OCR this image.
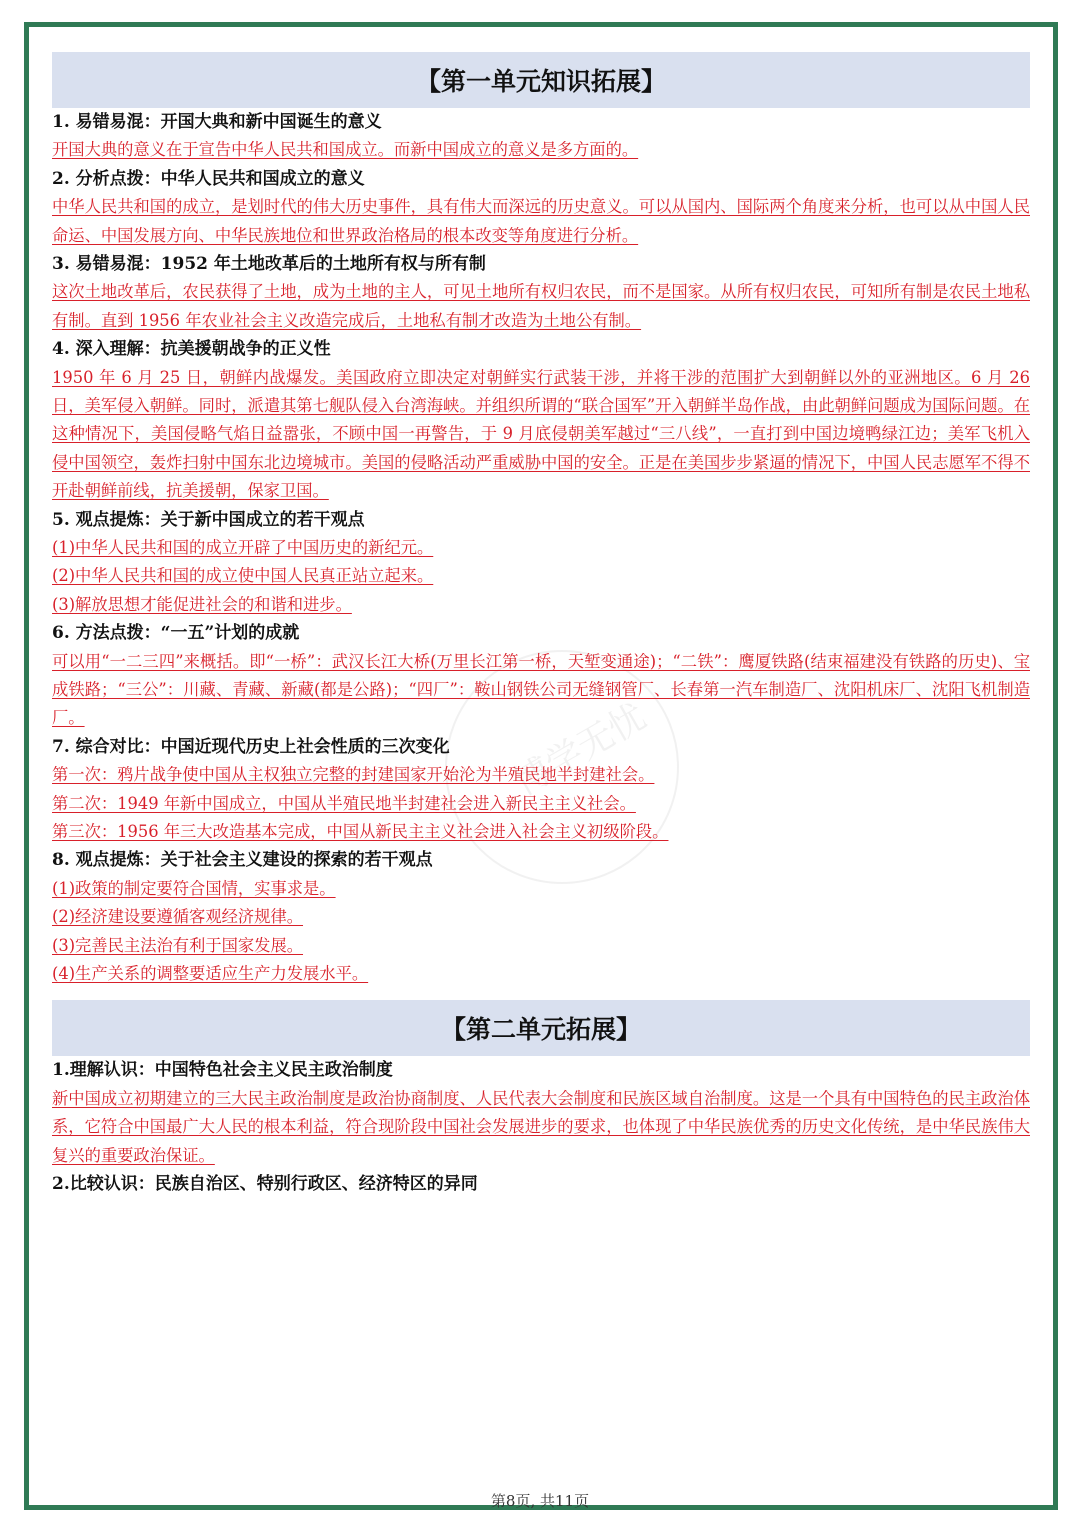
博学无忧
【第一单元知识拓展】
1. 易错易混：开国大典和新中国诞生的意义
开国大典的意义在于宣告中华人民共和国成立。而新中国成立的意义是多方面的。
2. 分析点拨：中华人民共和国成立的意义
中华人民共和国的成立，是划时代的伟大历史事件，具有伟大而深远的历史意义。可以从国内、国际两个角度来分析，也可以从中国人民命运、中国发展方向、中华民族地位和世界政治格局的根本改变等角度进行分析。
3. 易错易混：1952 年土地改革后的土地所有权与所有制
这次土地改革后，农民获得了土地，成为土地的主人，可见土地所有权归农民，而不是国家。从所有权归农民，可知所有制是农民土地私有制。直到 1956 年农业社会主义改造完成后，土地私有制才改造为土地公有制。
4. 深入理解：抗美援朝战争的正义性
1950 年 6 月 25 日，朝鲜内战爆发。美国政府立即决定对朝鲜实行武装干涉，并将干涉的范围扩大到朝鲜以外的亚洲地区。6 月 26 日，美军侵入朝鲜。同时，派遣其第七舰队侵入台湾海峡。并组织所谓的“联合国军”开入朝鲜半岛作战，由此朝鲜问题成为国际问题。在这种情况下，美国侵略气焰日益嚣张，不顾中国一再警告，于 9 月底侵朝美军越过“三八线”，一直打到中国边境鸭绿江边；美军飞机入侵中国领空，轰炸扫射中国东北边境城市。美国的侵略活动严重威胁中国的安全。正是在美国步步紧逼的情况下，中国人民志愿军不得不开赴朝鲜前线，抗美援朝，保家卫国。
5. 观点提炼：关于新中国成立的若干观点
(1)中华人民共和国的成立开辟了中国历史的新纪元。
(2)中华人民共和国的成立使中国人民真正站立起来。
(3)解放思想才能促进社会的和谐和进步。
6. 方法点拨：“一五”计划的成就
可以用“一二三四”来概括。即“一桥”：武汉长江大桥(万里长江第一桥，天堑变通途)；“二铁”：鹰厦铁路(结束福建没有铁路的历史)、宝成铁路；“三公”：川藏、青藏、新藏(都是公路)；“四厂”：鞍山钢铁公司无缝钢管厂、长春第一汽车制造厂、沈阳机床厂、沈阳飞机制造厂。
7. 综合对比：中国近现代历史上社会性质的三次变化
第一次：鸦片战争使中国从主权独立完整的封建国家开始沦为半殖民地半封建社会。
第二次：1949 年新中国成立，中国从半殖民地半封建社会进入新民主主义社会。
第三次：1956 年三大改造基本完成，中国从新民主主义社会进入社会主义初级阶段。
8. 观点提炼：关于社会主义建设的探索的若干观点
(1)政策的制定要符合国情，实事求是。
(2)经济建设要遵循客观经济规律。
(3)完善民主法治有利于国家发展。
(4)生产关系的调整要适应生产力发展水平。
【第二单元拓展】
1.理解认识：中国特色社会主义民主政治制度
新中国成立初期建立的三大民主政治制度是政治协商制度、人民代表大会制度和民族区域自治制度。这是一个具有中国特色的民主政治体系，它符合中国最广大人民的根本利益，符合现阶段中国社会发展进步的要求，也体现了中华民族优秀的历史文化传统，是中华民族伟大复兴的重要政治保证。
2.比较认识：民族自治区、特别行政区、经济特区的异同
第8页, 共11页
